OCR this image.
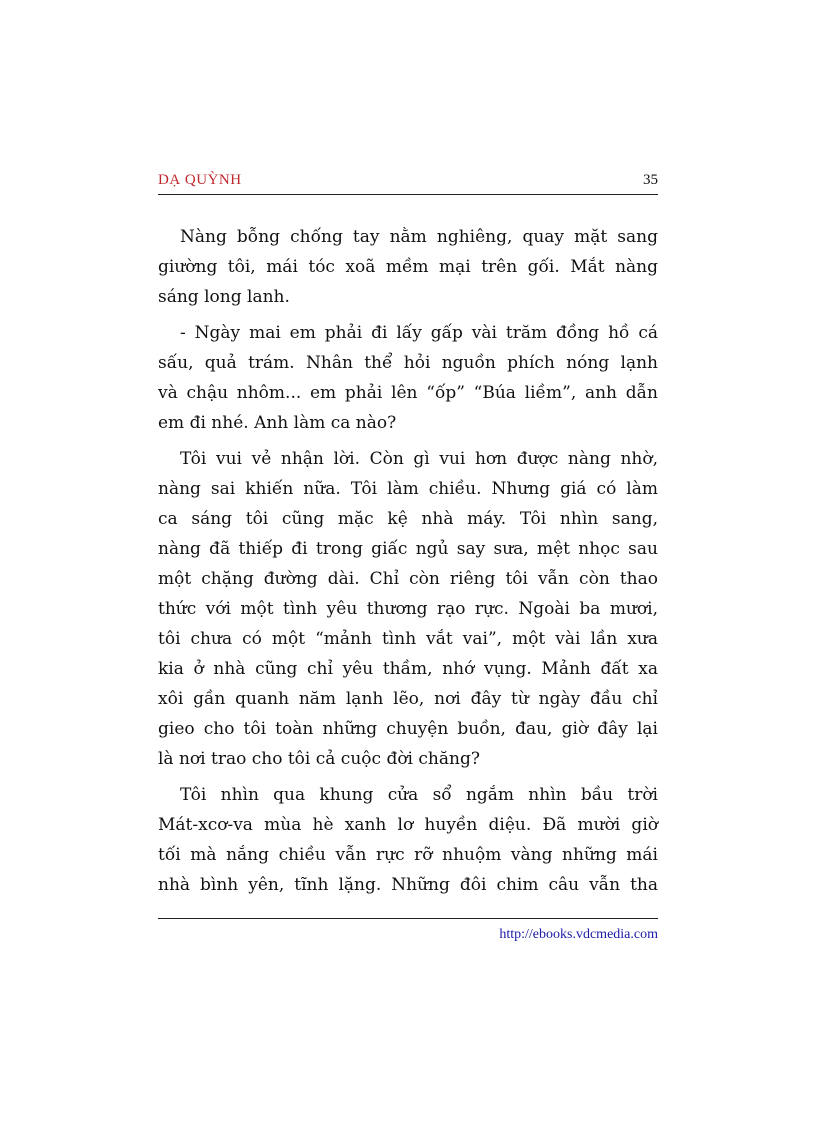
DẠ QUỲNH	35
Nàng bỗng chống tay nằm nghiêng, quay mặt sang
giường tôi, mái tóc xoã mềm mại trên gối. Mắt nàng
sáng long lanh.
- Ngày mai em phải đi lấy gấp vài trăm đồng hồ cá
sấu, quả trám. Nhân thể hỏi nguồn phích nóng lạnh
và chậu nhôm... em phải lên “ốp” “Búa liềm”, anh dẫn
em đi nhé. Anh làm ca nào?
Tôi vui vẻ nhận lời. Còn gì vui hơn được nàng nhờ,
nàng sai khiến nữa. Tôi làm chiều. Nhưng giá có làm
ca sáng tôi cũng mặc kệ nhà máy. Tôi nhìn sang,
nàng đã thiếp đi trong giấc ngủ say sưa, mệt nhọc sau
một chặng đường dài. Chỉ còn riêng tôi vẫn còn thao
thức với một tình yêu thương rạo rực. Ngoài ba mươi,
tôi chưa có một “mảnh tình vắt vai”, một vài lần xưa
kia ở nhà cũng chỉ yêu thầm, nhớ vụng. Mảnh đất xa
xôi gần quanh năm lạnh lẽo, nơi đây từ ngày đầu chỉ
gieo cho tôi toàn những chuyện buồn, đau, giờ đây lại
là nơi trao cho tôi cả cuộc đời chăng?
Tôi nhìn qua khung cửa sổ ngắm nhìn bầu trời
Mát-xcơ-va mùa hè xanh lơ huyền diệu. Đã mười giờ
tối mà nắng chiều vẫn rực rỡ nhuộm vàng những mái
nhà bình yên, tĩnh lặng. Những đôi chim câu vẫn tha
http://ebooks.vdcmedia.com
